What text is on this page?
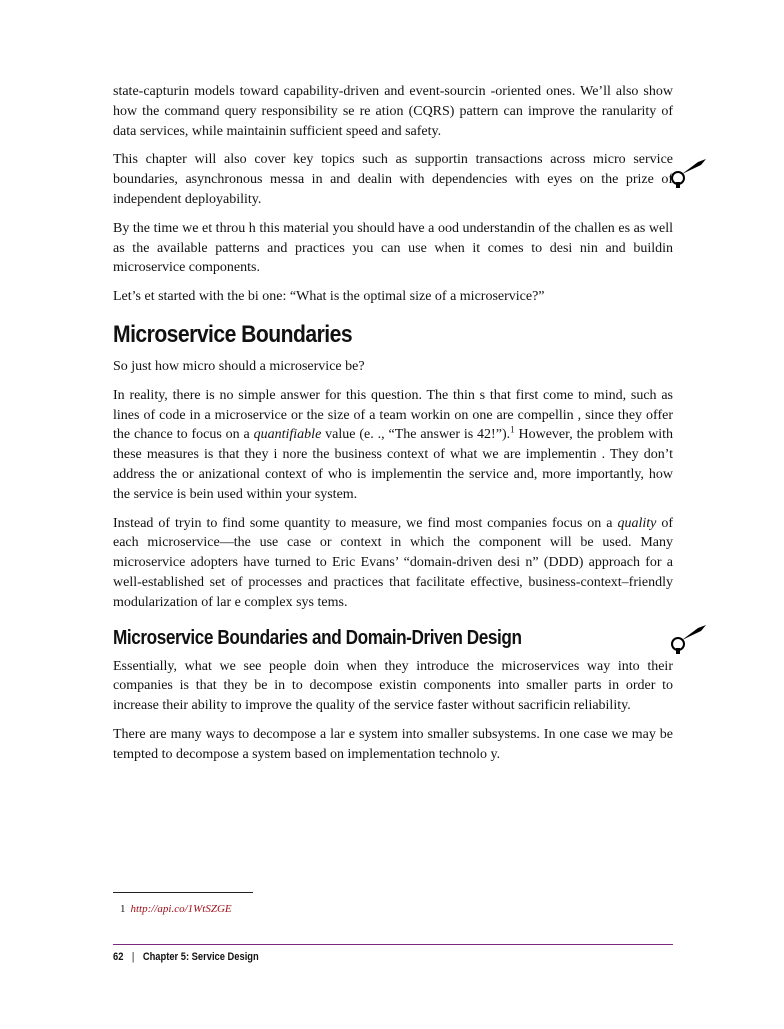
state-capturin models toward capability-driven and event-sourcin -oriented ones. We’ll also show how the command query responsibility se re ation (CQRS) pattern can improve the ranularity of data services, while maintainin sufficient speed and safety.

This chapter will also cover key topics such as supportin transactions across micro service boundaries, asynchronous messa in and dealin with dependencies with eyes on the prize of independent deployability.

By the time we et throu h this material you should have a ood understandin of the challen es as well as the available patterns and practices you can use when it comes to desi nin and buildin microservice components.

Let’s et started with the bi one: “What is the optimal size of a microservice?”

Microservice Boundaries

So just how micro should a microservice be?

In reality, there is no simple answer for this question. The thin s that first come to mind, such as lines of code in a microservice or the size of a team workin on one are compellin , since they offer the chance to focus on a quantifiable value (e. ., “The answer is 42!”).$^1$ However, the problem with these measures is that they i nore the business context of what we are implementin . They don’t address the or anizational context of who is implementin the service and, more importantly, how the service is bein used within your system.

Instead of tryin to find some quantity to measure, we find most companies focus on a quality of each microservice—the use case or context in which the component will be used. Many microservice adopters have turned to Eric Evans’ “domain-driven desi n” (DDD) approach for a well-established set of processes and practices that facilitate effective, business-context–friendly modularization of lar e complex sys tems.

Microservice Boundaries and Domain-Driven Design

Essentially, what we see people doin when they introduce the microservices way into their companies is that they be in to decompose existin components into smaller parts in order to increase their ability to improve the quality of the service faster without sacrificin reliability.

There are many ways to decompose a lar e system into smaller subsystems. In one case we may be tempted to decompose a system based on implementation technolo y.

1 http://api.co/1WtSZGE
62 | Chapter 5: Service Design
